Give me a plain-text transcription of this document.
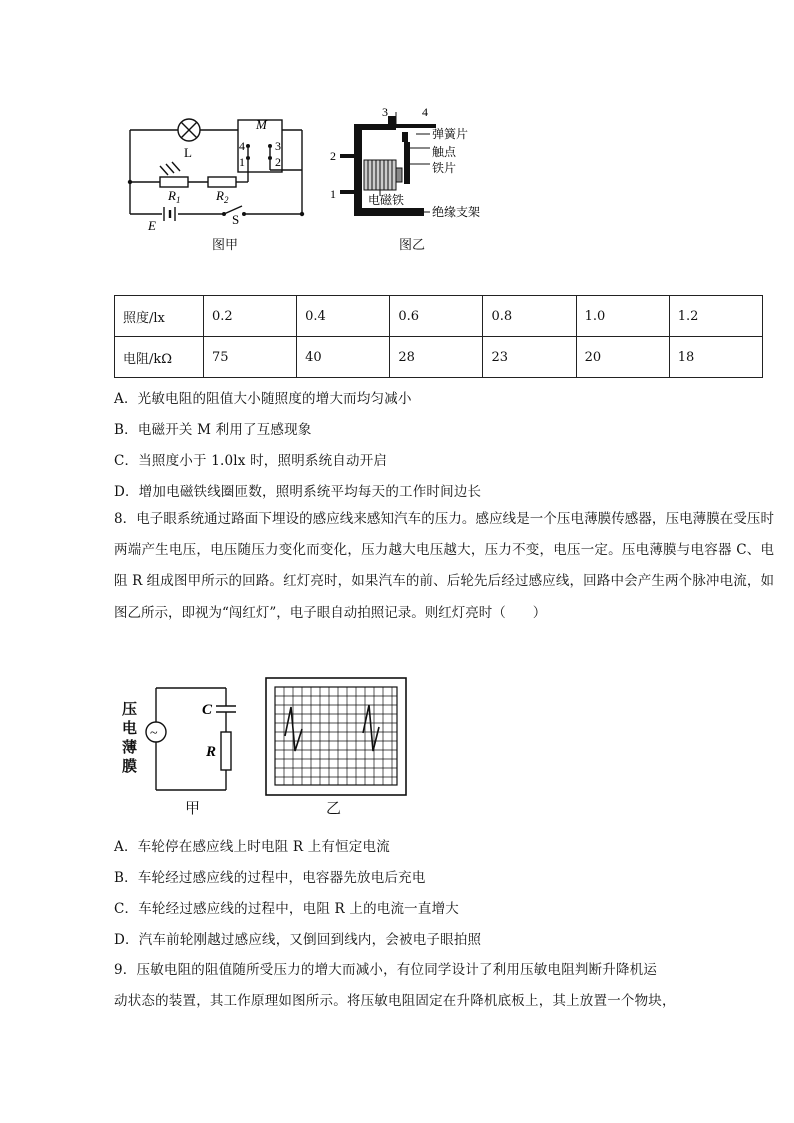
L
M
4	3
1	2
$R_1$	$R_2$
E	S
图甲
3	4
2
1
弹簧片
触点
铁片
电磁铁
绝缘支架
图乙
照度/lx	0.2	0.4	0.6	0.8	1.0	1.2
电阻/kΩ	75	40	28	23	20	18
A．光敏电阻的阻值大小随照度的增大而均匀减小
B．电磁开关 M 利用了互感现象
C．当照度小于 1.0lx 时，照明系统自动开启
D．增加电磁铁线圈匝数，照明系统平均每天的工作时间边长
8．电子眼系统通过路面下埋设的感应线来感知汽车的压力。感应线是一个压电薄膜传感器，压电薄膜在受压时两端产生电压，电压随压力变化而变化，压力越大电压越大，压力不变，电压一定。压电薄膜与电容器 C、电阻 R 组成图甲所示的回路。红灯亮时，如果汽车的前、后轮先后经过感应线，回路中会产生两个脉冲电流，如图乙所示，即视为“闯红灯”，电子眼自动拍照记录。则红灯亮时（　　）
~
C
R
压
电
薄
膜
甲	乙
A．车轮停在感应线上时电阻 R 上有恒定电流
B．车轮经过感应线的过程中，电容器先放电后充电
C．车轮经过感应线的过程中，电阻 R 上的电流一直增大
D．汽车前轮刚越过感应线，又倒回到线内，会被电子眼拍照
9．压敏电阻的阻值随所受压力的增大而减小，有位同学设计了利用压敏电阻判断升降机运
动状态的装置，其工作原理如图所示。将压敏电阻固定在升降机底板上，其上放置一个物块，
